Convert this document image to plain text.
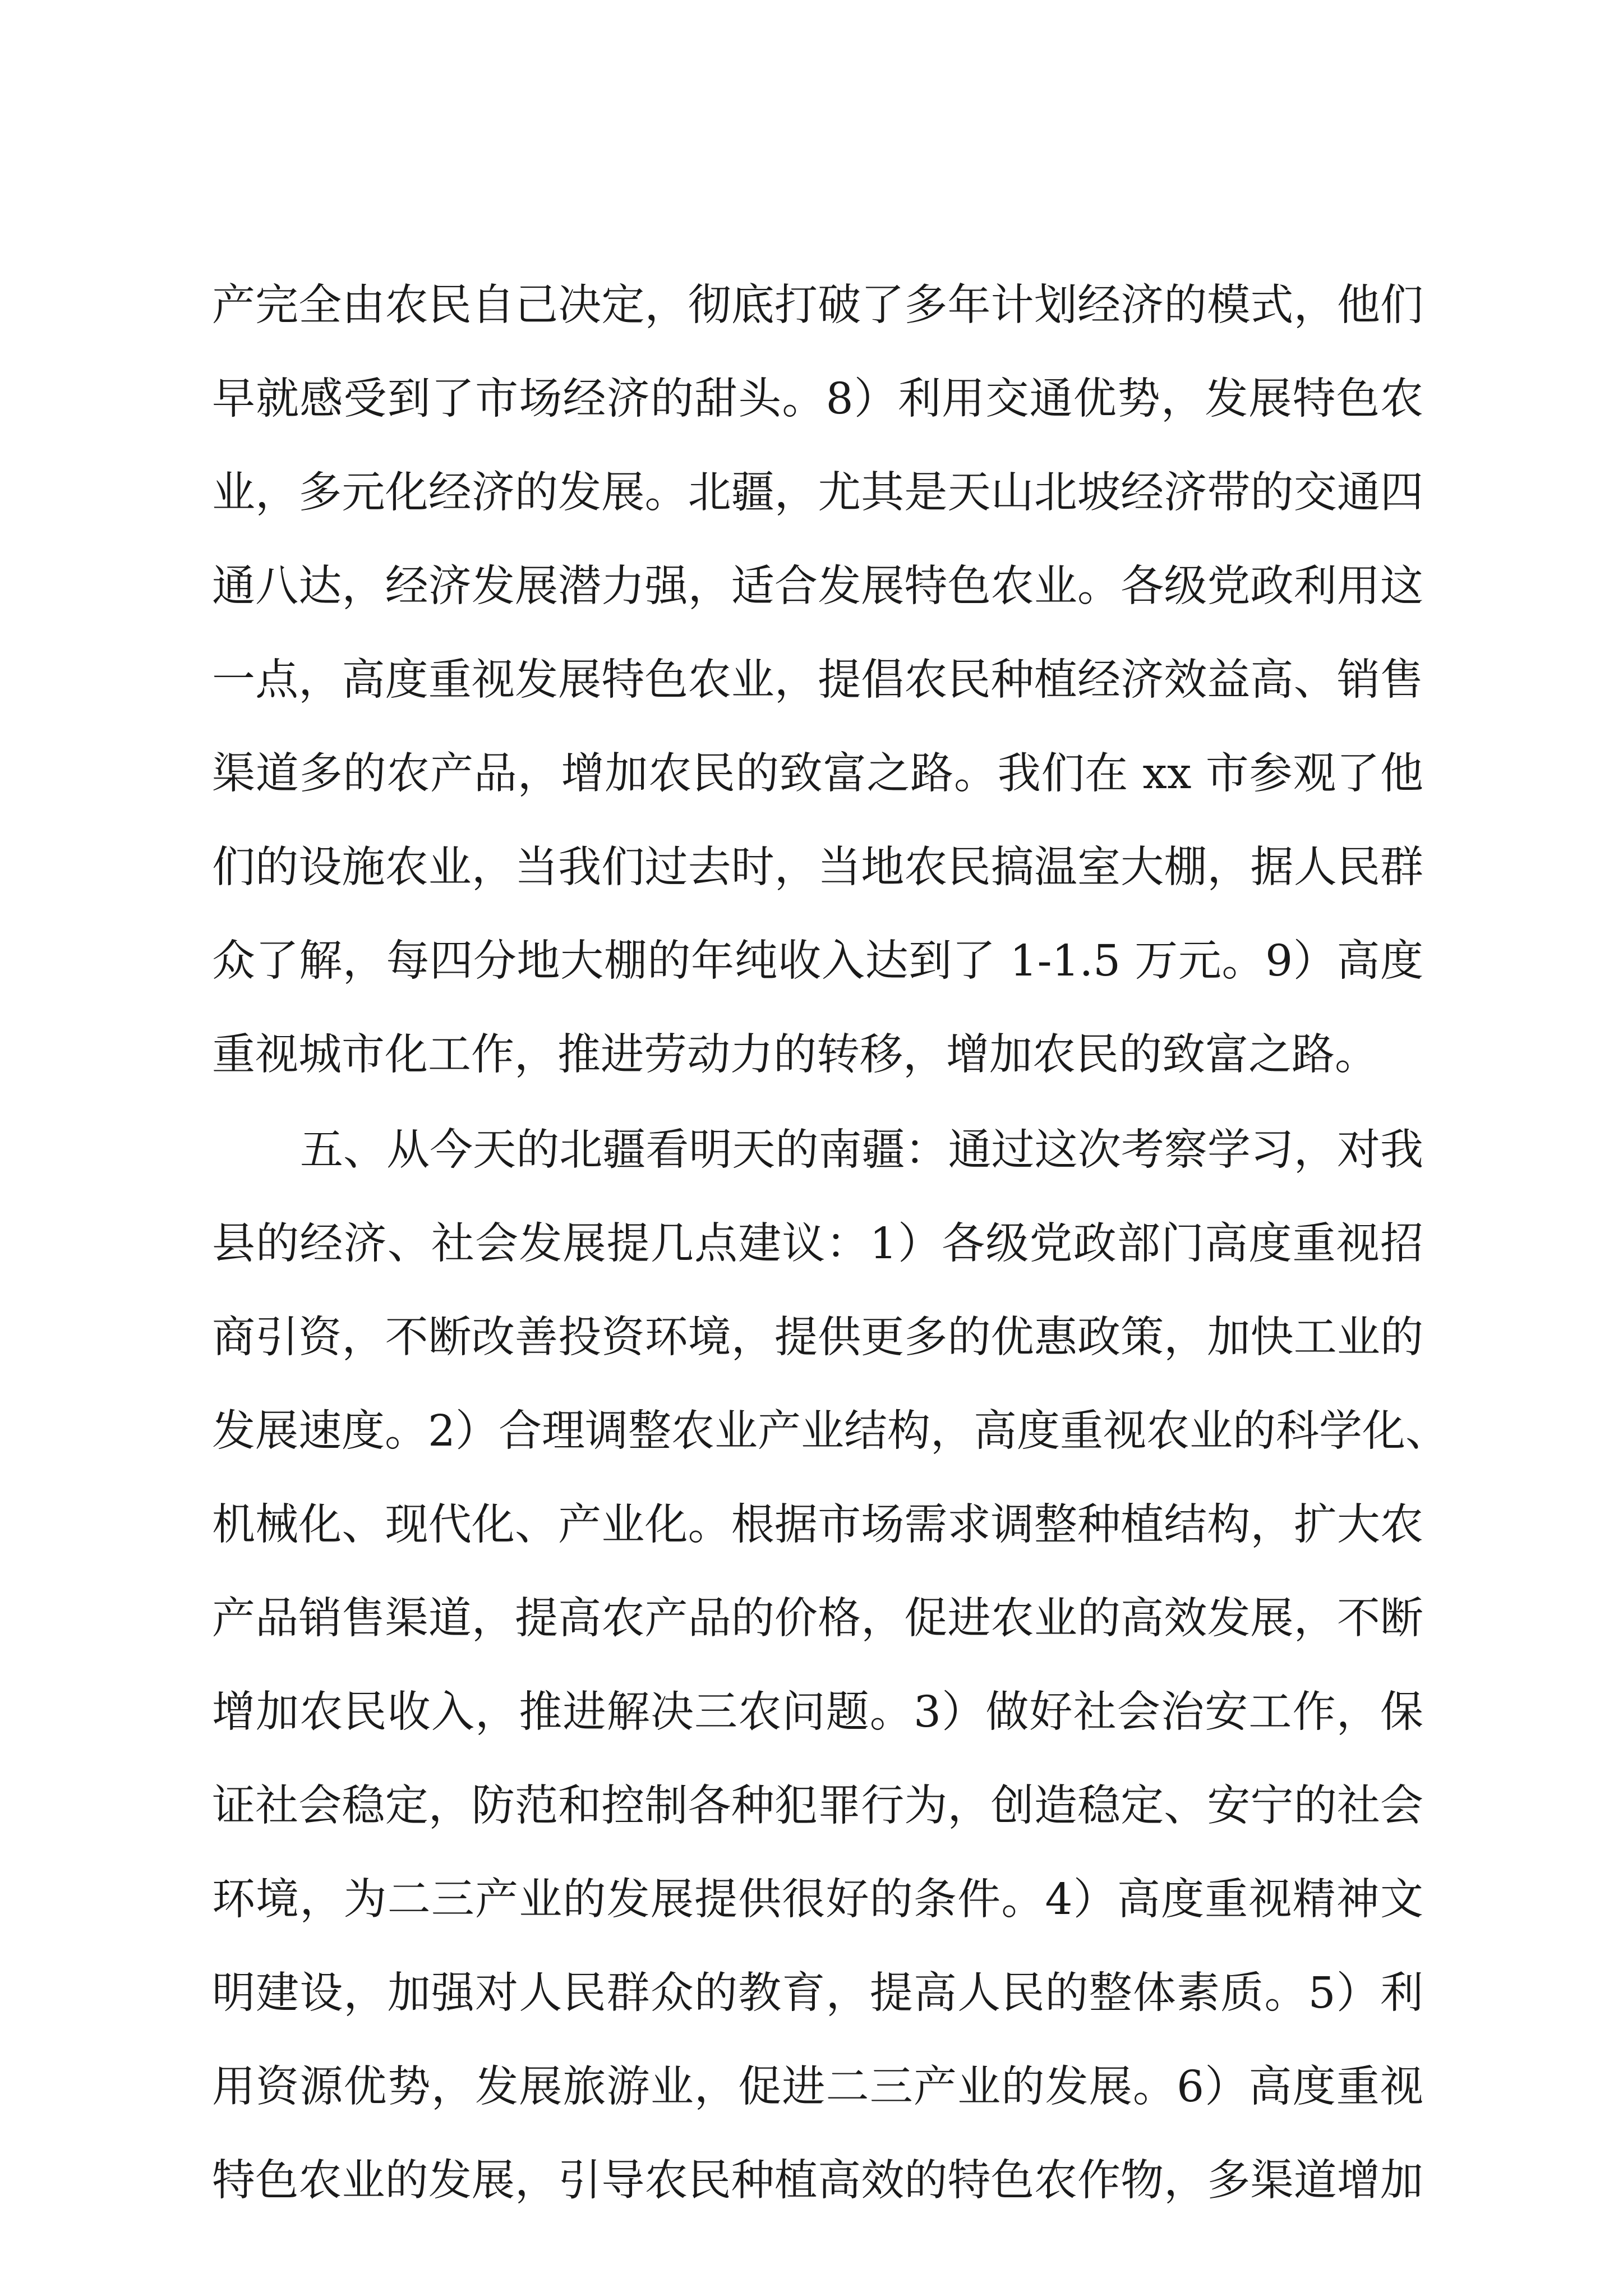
产完全由农民自己决定，彻底打破了多年计划经济的模式，他们
早就感受到了市场经济的甜头。8）利用交通优势，发展特色农
业，多元化经济的发展。北疆，尤其是天山北坡经济带的交通四
通八达，经济发展潜力强，适合发展特色农业。各级党政利用这
一点，高度重视发展特色农业，提倡农民种植经济效益高、销售
渠道多的农产品，增加农民的致富之路。我们在 xx 市参观了他
们的设施农业，当我们过去时，当地农民搞温室大棚，据人民群
众了解，每四分地大棚的年纯收入达到了 1-1.5 万元。9）高度
重视城市化工作，推进劳动力的转移，增加农民的致富之路。
五、从今天的北疆看明天的南疆：通过这次考察学习，对我
县的经济、社会发展提几点建议：1）各级党政部门高度重视招
商引资，不断改善投资环境，提供更多的优惠政策，加快工业的
发展速度。2）合理调整农业产业结构，高度重视农业的科学化、
机械化、现代化、产业化。根据市场需求调整种植结构，扩大农
产品销售渠道，提高农产品的价格，促进农业的高效发展，不断
增加农民收入，推进解决三农问题。3）做好社会治安工作，保
证社会稳定，防范和控制各种犯罪行为，创造稳定、安宁的社会
环境，为二三产业的发展提供很好的条件。4）高度重视精神文
明建设，加强对人民群众的教育，提高人民的整体素质。5）利
用资源优势，发展旅游业，促进二三产业的发展。6）高度重视
特色农业的发展，引导农民种植高效的特色农作物，多渠道增加
